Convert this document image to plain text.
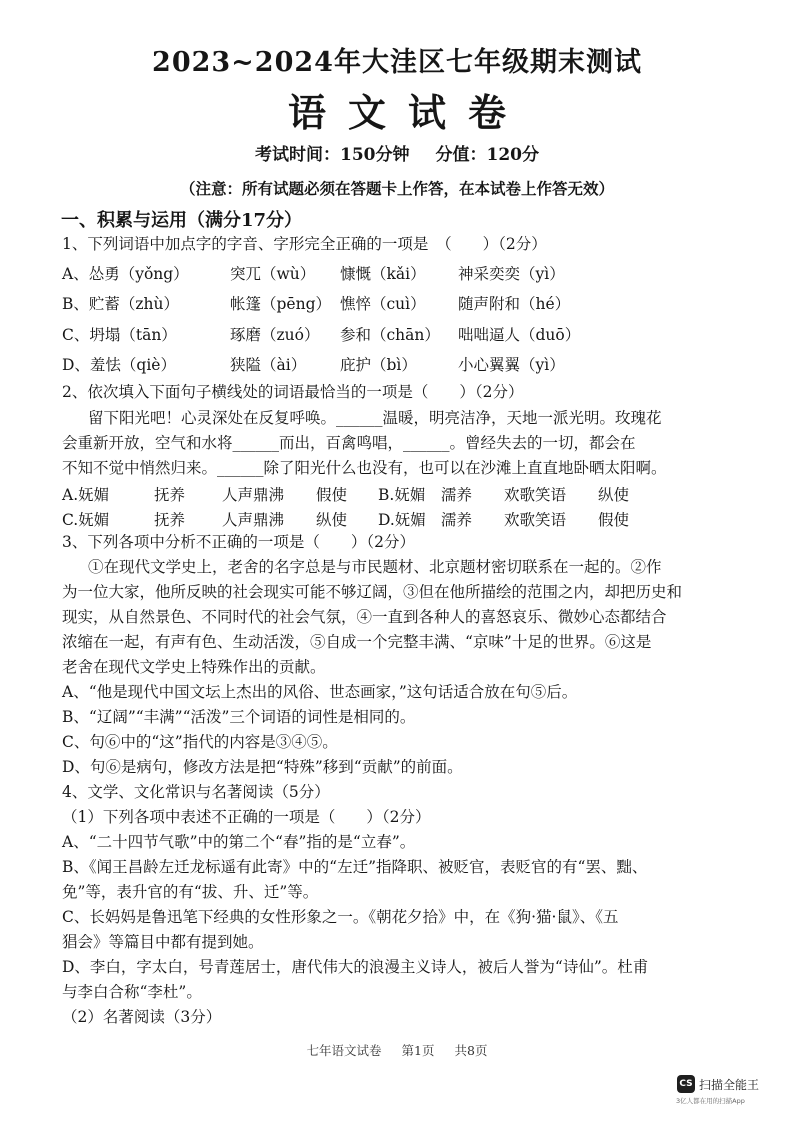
2023~2024年大洼区七年级期末测试
语文试卷
考试时间：150分钟 分值：120分
（注意：所有试题必须在答题卡上作答，在本试卷上作答无效）
一、积累与运用（满分17分）
1、下列词语中加点字的字音、字形完全正确的一项是　（　　）（2分）
A、怂勇（yǒng）	突兀（wù） 慷慨（kǎi） 神采奕奕（yì）
B、贮蓄（zhù）	帐篷（pēng） 憔悴（cuì） 随声附和（hé）
C、坍塌（tān）	琢磨（zuó） 参和（chān） 咄咄逼人（duō）
D、羞怯（qiè）	狭隘（ài） 庇护（bì）	小心翼翼（yì）
2、依次填入下面句子横线处的词语最恰当的一项是（　　）（2分）
留下阳光吧！心灵深处在反复呼唤。______温暖，明亮洁净，天地一派光明。玫瑰花
会重新开放，空气和水将______而出，百禽鸣唱，______。曾经失去的一切，都会在
不知不觉中悄然归来。______除了阳光什么也没有，也可以在沙滩上直直地卧晒太阳啊。
A.妩媚	抚养 人声鼎沸 假使 B.妩媚 濡养 欢歌笑语 纵使
C.妩媚	抚养 人声鼎沸 纵使 D.妩媚 濡养 欢歌笑语 假使
3、下列各项中分析不正确的一项是（　　）（2分）
①在现代文学史上，老舍的名字总是与市民题材、北京题材密切联系在一起的。②作
为一位大家，他所反映的社会现实可能不够辽阔，③但在他所描绘的范围之内，却把历史和
现实，从自然景色、不同时代的社会气氛，④一直到各种人的喜怒哀乐、微妙心态都结合
浓缩在一起，有声有色、生动活泼，⑤自成一个完整丰满、“京味”十足的世界。⑥这是
老舍在现代文学史上特殊作出的贡献。
A、“他是现代中国文坛上杰出的风俗、世态画家，”这句话适合放在句⑤后。
B、“辽阔”“丰满”“活泼”三个词语的词性是相同的。
C、句⑥中的“这”指代的内容是③④⑤。
D、句⑥是病句，修改方法是把“特殊”移到“贡献”的前面。
4、文学、文化常识与名著阅读（5分）
（1）下列各项中表述不正确的一项是（　　）（2分）
A、“二十四节气歌”中的第二个“春”指的是“立春”。
B、《闻王昌龄左迁龙标遥有此寄》中的“左迁”指降职、被贬官，表贬官的有“罢、黜、
免”等，表升官的有“拔、升、迁”等。
C、长妈妈是鲁迅笔下经典的女性形象之一。《朝花夕拾》中，在《狗·猫·鼠》、《五
猖会》等篇目中都有提到她。
D、李白，字太白，号青莲居士，唐代伟大的浪漫主义诗人，被后人誉为“诗仙”。杜甫
与李白合称“李杜”。
（2）名著阅读（3分）
七年语文试卷 第1页 共8页
CS 扫描全能王
3亿人都在用的扫描App
